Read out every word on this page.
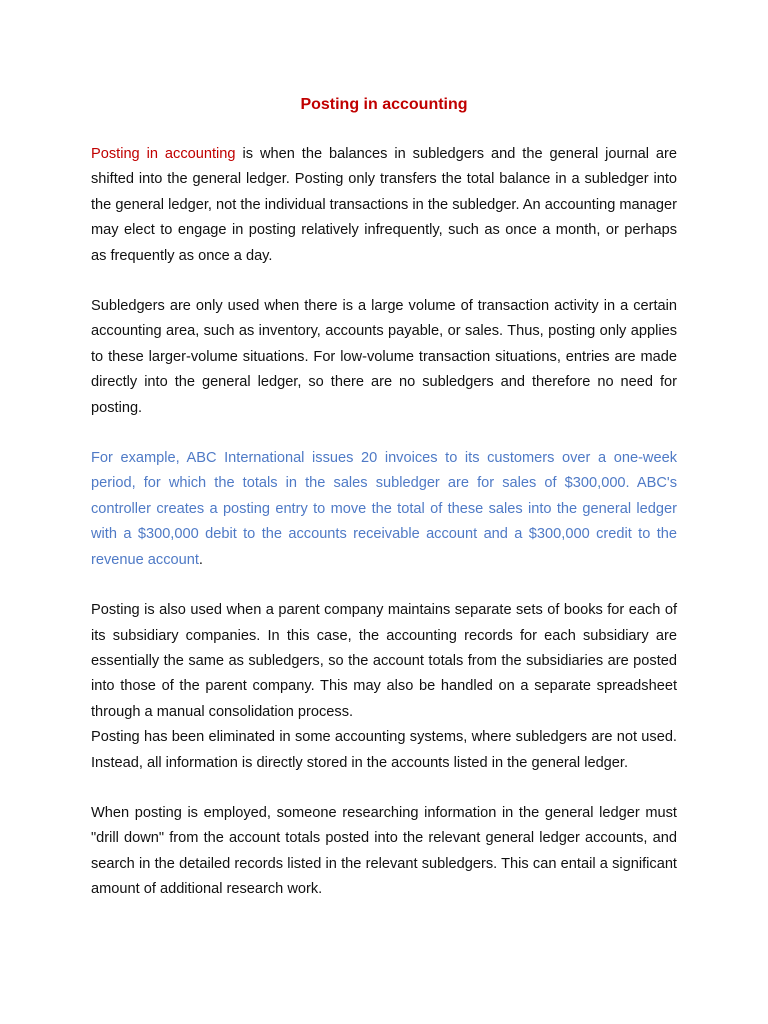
Posting in accounting

Posting in accounting is when the balances in subledgers and the general journal are shifted into the general ledger. Posting only transfers the total balance in a subledger into the general ledger, not the individual transactions in the subledger. An accounting manager may elect to engage in posting relatively infrequently, such as once a month, or perhaps as frequently as once a day.

Subledgers are only used when there is a large volume of transaction activity in a certain accounting area, such as inventory, accounts payable, or sales. Thus, posting only applies to these larger-volume situations. For low-volume transaction situations, entries are made directly into the general ledger, so there are no subledgers and therefore no need for posting.

For example, ABC International issues 20 invoices to its customers over a one-week period, for which the totals in the sales subledger are for sales of $300,000. ABC's controller creates a posting entry to move the total of these sales into the general ledger with a $300,000 debit to the accounts receivable account and a $300,000 credit to the revenue account.

Posting is also used when a parent company maintains separate sets of books for each of its subsidiary companies. In this case, the accounting records for each subsidiary are essentially the same as subledgers, so the account totals from the subsidiaries are posted into those of the parent company. This may also be handled on a separate spreadsheet through a manual consolidation process.

Posting has been eliminated in some accounting systems, where subledgers are not used. Instead, all information is directly stored in the accounts listed in the general ledger.

When posting is employed, someone researching information in the general ledger must "drill down" from the account totals posted into the relevant general ledger accounts, and search in the detailed records listed in the relevant subledgers. This can entail a significant amount of additional research work.
